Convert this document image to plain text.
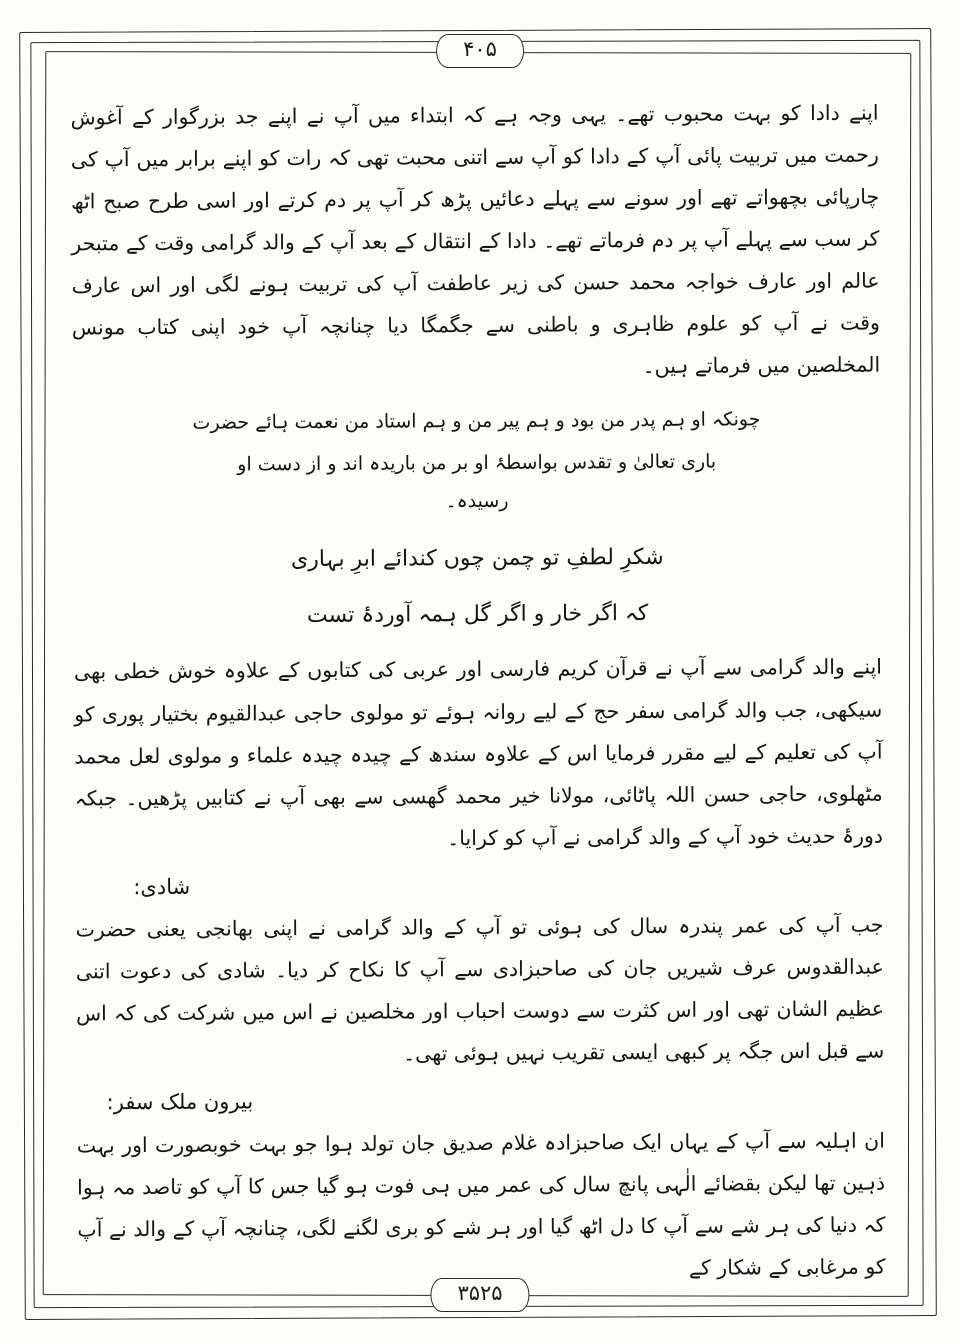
۴۰۵

اپنے دادا کو بہت محبوب تھے۔ یہی وجہ ہے کہ ابتداء میں آپ نے اپنے جد بزرگوار کے آغوش رحمت میں تربیت پائی آپ کے دادا کو آپ سے اتنی محبت تھی کہ رات کو اپنے برابر میں آپ کی چارپائی بچھواتے تھے اور سونے سے پہلے دعائیں پڑھ کر آپ پر دم کرتے اور اسی طرح صبح اٹھ کر سب سے پہلے آپ پر دم فرماتے تھے۔ دادا کے انتقال کے بعد آپ کے والد گرامی وقت کے متبحر عالم اور عارف خواجہ محمد حسن کی زیر عاطفت آپ کی تربیت ہونے لگی اور اس عارف وقت نے آپ کو علوم ظاہری و باطنی سے جگمگا دیا چنانچہ آپ خود اپنی کتاب مونس المخلصین میں فرماتے ہیں۔

چونکہ او ہم پدر من بود و ہم پیر من و ہم استاد من نعمت ہائے حضرت
باری تعالیٰ و تقدس بواسطۂ او بر من باریدہ اند و از دست او رسیدہ۔
شکرِ لطفِ تو چمن چوں کندائے ابرِ بہاری
کہ اگر خار و اگر گل ہمہ آوردۂ تست

اپنے والد گرامی سے آپ نے قرآن کریم فارسی اور عربی کی کتابوں کے علاوہ خوش خطی بھی سیکھی، جب والد گرامی سفر حج کے لیے روانہ ہوئے تو مولوی حاجی عبدالقیوم بختیار پوری کو آپ کی تعلیم کے لیے مقرر فرمایا اس کے علاوہ سندھ کے چیدہ چیدہ علماء و مولوی لعل محمد مٹھلوی، حاجی حسن اللہ پاٹائی، مولانا خیر محمد گھسی سے بھی آپ نے کتابیں پڑھیں۔ جبکہ دورۂ حدیث خود آپ کے والد گرامی نے آپ کو کرایا۔

شادی:

جب آپ کی عمر پندرہ سال کی ہوئی تو آپ کے والد گرامی نے اپنی بھانجی یعنی حضرت عبدالقدوس عرف شیریں جان کی صاحبزادی سے آپ کا نکاح کر دیا۔ شادی کی دعوت اتنی عظیم الشان تھی اور اس کثرت سے دوست احباب اور مخلصین نے اس میں شرکت کی کہ اس سے قبل اس جگہ پر کبھی ایسی تقریب نہیں ہوئی تھی۔

بیرون ملک سفر:

ان اہلیہ سے آپ کے یہاں ایک صاحبزادہ غلام صدیق جان تولد ہوا جو بہت خوبصورت اور بہت ذہین تھا لیکن بقضائے الٰہی پانچ سال کی عمر میں ہی فوت ہو گیا جس کا آپ کو تاصد مہ ہوا کہ دنیا کی ہر شے سے آپ کا دل اٹھ گیا اور ہر شے کو بری لگنے لگی، چنانچہ آپ کے والد نے آپ کو مرغابی کے شکار کے

۳۵۲۵
